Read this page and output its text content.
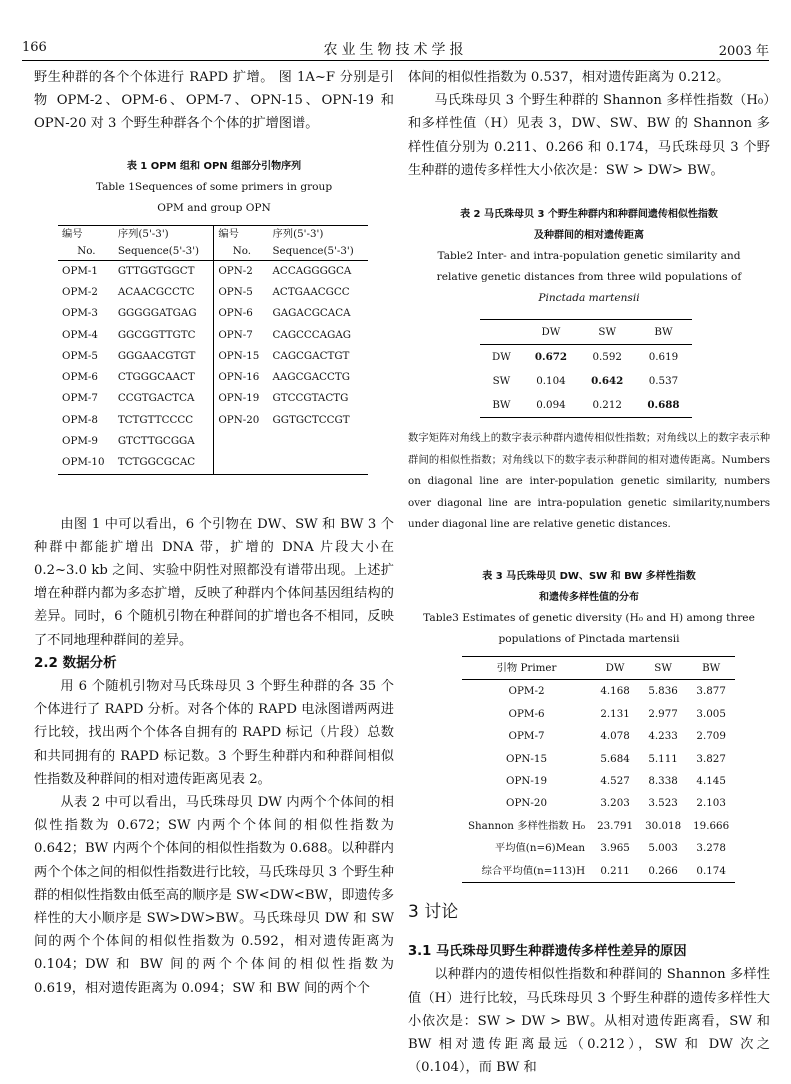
166	农业生物技术学报	2003 年

野生种群的各个个体进行 RAPD 扩增。 图 1A~F 分别是引物 OPM-2、OPM-6、OPM-7、OPN-15、OPN-19 和 OPN-20 对 3 个野生种群各个个体的扩增图谱。

表 1 OPM 组和 OPN 组部分引物序列

Table 1Sequences of some primers in group

OPM and group OPN

编号	序列(5'-3')	编号	序列(5'-3')
No.	Sequence(5'-3')	No.	Sequence(5'-3')
OPM-1	GTTGGTGGCT	OPN-2	ACCAGGGGCA
OPM-2	ACAACGCCTC	OPN-5	ACTGAACGCC
OPM-3	GGGGGATGAG	OPN-6	GAGACGCACA
OPM-4	GGCGGTTGTC	OPN-7	CAGCCCAGAG
OPM-5	GGGAACGTGT	OPN-15	CAGCGACTGT
OPM-6	CTGGGCAACT	OPN-16	AAGCGACCTG
OPM-7	CCGTGACTCA	OPN-19	GTCCGTACTG
OPM-8	TCTGTTCCCC	OPN-20	GGTGCTCCGT
OPM-9	GTCTTGCGGA		
OPM-10	TCTGGCGCAC		

由图 1 中可以看出，6 个引物在 DW、SW 和 BW 3 个种群中都能扩增出 DNA 带，扩增的 DNA 片段大小在 0.2~3.0 kb 之间、实验中阴性对照都没有谱带出现。上述扩增在种群内都为多态扩增，反映了种群内个体间基因组结构的差异。同时，6 个随机引物在种群间的扩增也各不相同，反映了不同地理种群间的差异。

2.2 数据分析

用 6 个随机引物对马氏珠母贝 3 个野生种群的各 35 个个体进行了 RAPD 分析。对各个体的 RAPD 电泳图谱两两进行比较，找出两个个体各自拥有的 RAPD 标记（片段）总数和共同拥有的 RAPD 标记数。3 个野生种群内和种群间相似性指数及种群间的相对遗传距离见表 2。

从表 2 中可以看出，马氏珠母贝 DW 内两个个体间的相似性指数为 0.672；SW 内两个个体间的相似性指数为 0.642；BW 内两个个体间的相似性指数为 0.688。以种群内两个个体之间的相似性指数进行比较，马氏珠母贝 3 个野生种群的相似性指数由低至高的顺序是 SW<DW<BW，即遗传多样性的大小顺序是 SW>DW>BW。马氏珠母贝 DW 和 SW 间的两个个体间的相似性指数为 0.592，相对遗传距离为 0.104；DW 和 BW 间的两个个体间的相似性指数为 0.619，相对遗传距离为 0.094；SW 和 BW 间的两个个

体间的相似性指数为 0.537，相对遗传距离为 0.212。

马氏珠母贝 3 个野生种群的 Shannon 多样性指数（H₀）和多样性值（H）见表 3，DW、SW、BW 的 Shannon 多样性值分别为 0.211、0.266 和 0.174，马氏珠母贝 3 个野生种群的遗传多样性大小依次是：SW > DW> BW。

表 2 马氏珠母贝 3 个野生种群内和种群间遗传相似性指数

及种群间的相对遗传距离

Table2 Inter- and intra-population genetic similarity and

relative genetic distances from three wild populations of

Pinctada martensii

	DW	SW	BW
DW	0.672	0.592	0.619
SW	0.104	0.642	0.537
BW	0.094	0.212	0.688

数字矩阵对角线上的数字表示种群内遗传相似性指数；对角线以上的数字表示种群间的相似性指数；对角线以下的数字表示种群间的相对遗传距离。Numbers on diagonal line are inter-population genetic similarity, numbers over diagonal line are intra-population genetic similarity,numbers under diagonal line are relative genetic distances.

表 3 马氏珠母贝 DW、SW 和 BW 多样性指数

和遗传多样性值的分布

Table3 Estimates of genetic diversity (H₀ and H) among three

populations of Pinctada martensii

引物 Primer	DW	SW	BW
OPM-2	4.168	5.836	3.877
OPM-6	2.131	2.977	3.005
OPM-7	4.078	4.233	2.709
OPN-15	5.684	5.111	3.827
OPN-19	4.527	8.338	4.145
OPN-20	3.203	3.523	2.103
Shannon 多样性指数 H₀	23.791	30.018	19.666
平均值(n=6)Mean	3.965	5.003	3.278
综合平均值(n=113)H	0.211	0.266	0.174

3 讨论

3.1 马氏珠母贝野生种群遗传多样性差异的原因

以种群内的遗传相似性指数和种群间的 Shannon 多样性值（H）进行比较，马氏珠母贝 3 个野生种群的遗传多样性大小依次是：SW > DW > BW。从相对遗传距离看，SW 和 BW 相对遗传距离最远（0.212），SW 和 DW 次之（0.104），而 BW 和
